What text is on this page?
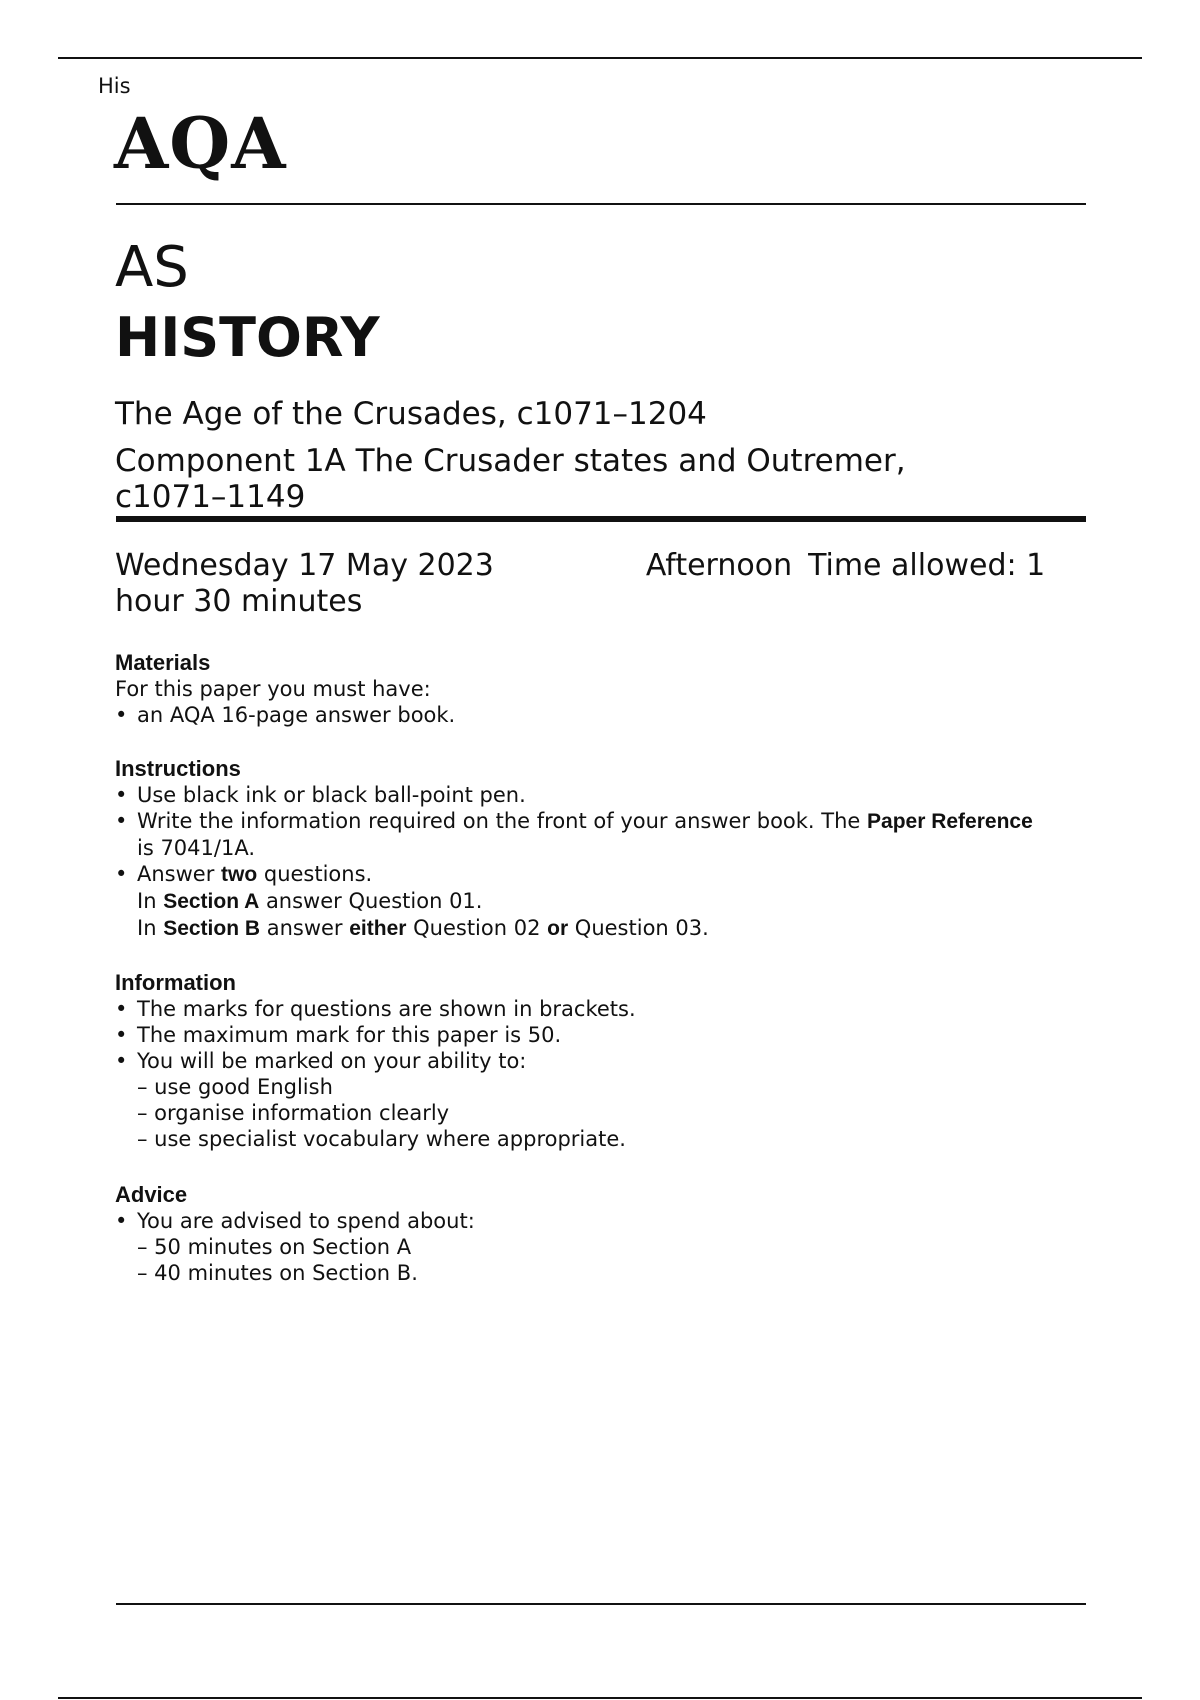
His
AQA
AS
HISTORY
The Age of the Crusades, c1071–1204
Component 1A The Crusader states and Outremer, c1071–1149
Wednesday 17 May 2023	Afternoon Time allowed: 1 hour 30 minutes

Materials

For this paper you must have:

• an AQA 16-page answer book.

Instructions

• Use black ink or black ball-point pen.
• Write the information required on the front of your answer book. The Paper Reference is 7041/1A.
• Answer two questions.
In Section A answer Question 01.
In Section B answer either Question 02 or Question 03.

Information

• The marks for questions are shown in brackets.
• The maximum mark for this paper is 50.
• You will be marked on your ability to:
– use good English
– organise information clearly
– use specialist vocabulary where appropriate.

Advice

• You are advised to spend about:
– 50 minutes on Section A
– 40 minutes on Section B.
